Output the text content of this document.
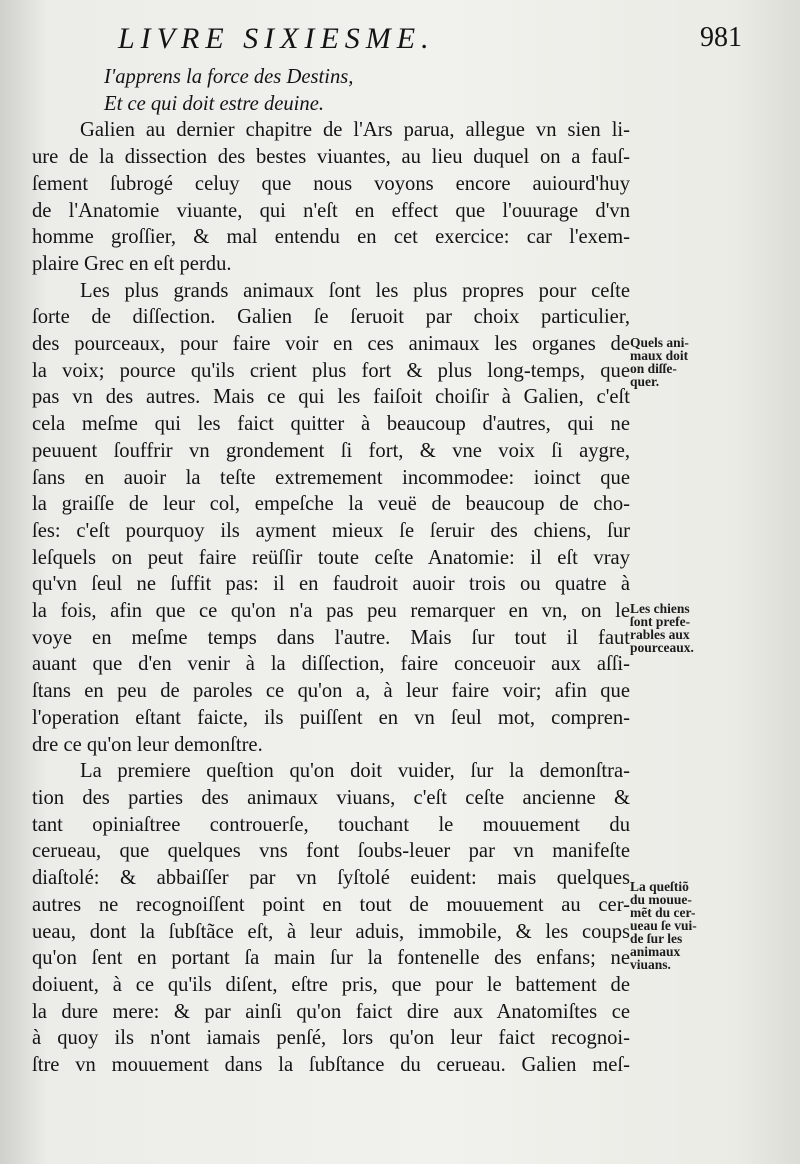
LIVRE SIXIESME.	981
I'apprens la force des Destins,
Et ce qui doit estre deuine.
Galien au dernier chapitre de l'Ars parua, allegue vn sien li-
ure de la dissection des bestes viuantes, au lieu duquel on a fauſ-
ſement ſubrogé celuy que nous voyons encore auiourd'huy
de l'Anatomie viuante, qui n'eſt en effect que l'ouurage d'vn
homme groſſier, & mal entendu en cet exercice: car l'exem-
plaire Grec en eſt perdu.
Les plus grands animaux ſont les plus propres pour ceſte
ſorte de diſſection. Galien ſe ſeruoit par choix particulier,
des pourceaux, pour faire voir en ces animaux les organes de
la voix; pource qu'ils crient plus fort & plus long-temps, que
pas vn des autres. Mais ce qui les faiſoit choiſir à Galien, c'eſt
cela meſme qui les faict quitter à beaucoup d'autres, qui ne
peuuent ſouffrir vn grondement ſi fort, & vne voix ſi aygre,
ſans en auoir la teſte extremement incommodee: ioinct que
la graiſſe de leur col, empeſche la veuë de beaucoup de cho-
ſes: c'eſt pourquoy ils ayment mieux ſe ſeruir des chiens, ſur
leſquels on peut faire reüſſir toute ceſte Anatomie: il eſt vray
qu'vn ſeul ne ſuffit pas: il en faudroit auoir trois ou quatre à
la fois, afin que ce qu'on n'a pas peu remarquer en vn, on le
voye en meſme temps dans l'autre. Mais ſur tout il faut
auant que d'en venir à la diſſection, faire conceuoir aux aſſi-
ſtans en peu de paroles ce qu'on a, à leur faire voir; afin que
l'operation eſtant faicte, ils puiſſent en vn ſeul mot, compren-
dre ce qu'on leur demonſtre.
La premiere queſtion qu'on doit vuider, ſur la demonſtra-
tion des parties des animaux viuans, c'eſt ceſte ancienne &
tant opiniaſtree controuerſe, touchant le mouuement du
cerueau, que quelques vns font ſoubs-leuer par vn manifeſte
diaſtolé: & abbaiſſer par vn ſyſtolé euident: mais quelques
autres ne recognoiſſent point en tout de mouuement au cer-
ueau, dont la ſubſtãce eſt, à leur aduis, immobile, & les coups
qu'on ſent en portant ſa main ſur la fontenelle des enfans; ne
doiuent, à ce qu'ils diſent, eſtre pris, que pour le battement de
la dure mere: & par ainſi qu'on faict dire aux Anatomiſtes ce
à quoy ils n'ont iamais penſé, lors qu'on leur faict recognoi-
ſtre vn mouuement dans la ſubſtance du cerueau. Galien meſ-
Quels ani-
maux doit
on diſſe-
quer.
Les chiens
ſont prefe-
rables aux
pourceaux.
La queſtiõ
du mouue-
mẽt du cer-
ueau ſe vui-
de ſur les
animaux
viuans.
